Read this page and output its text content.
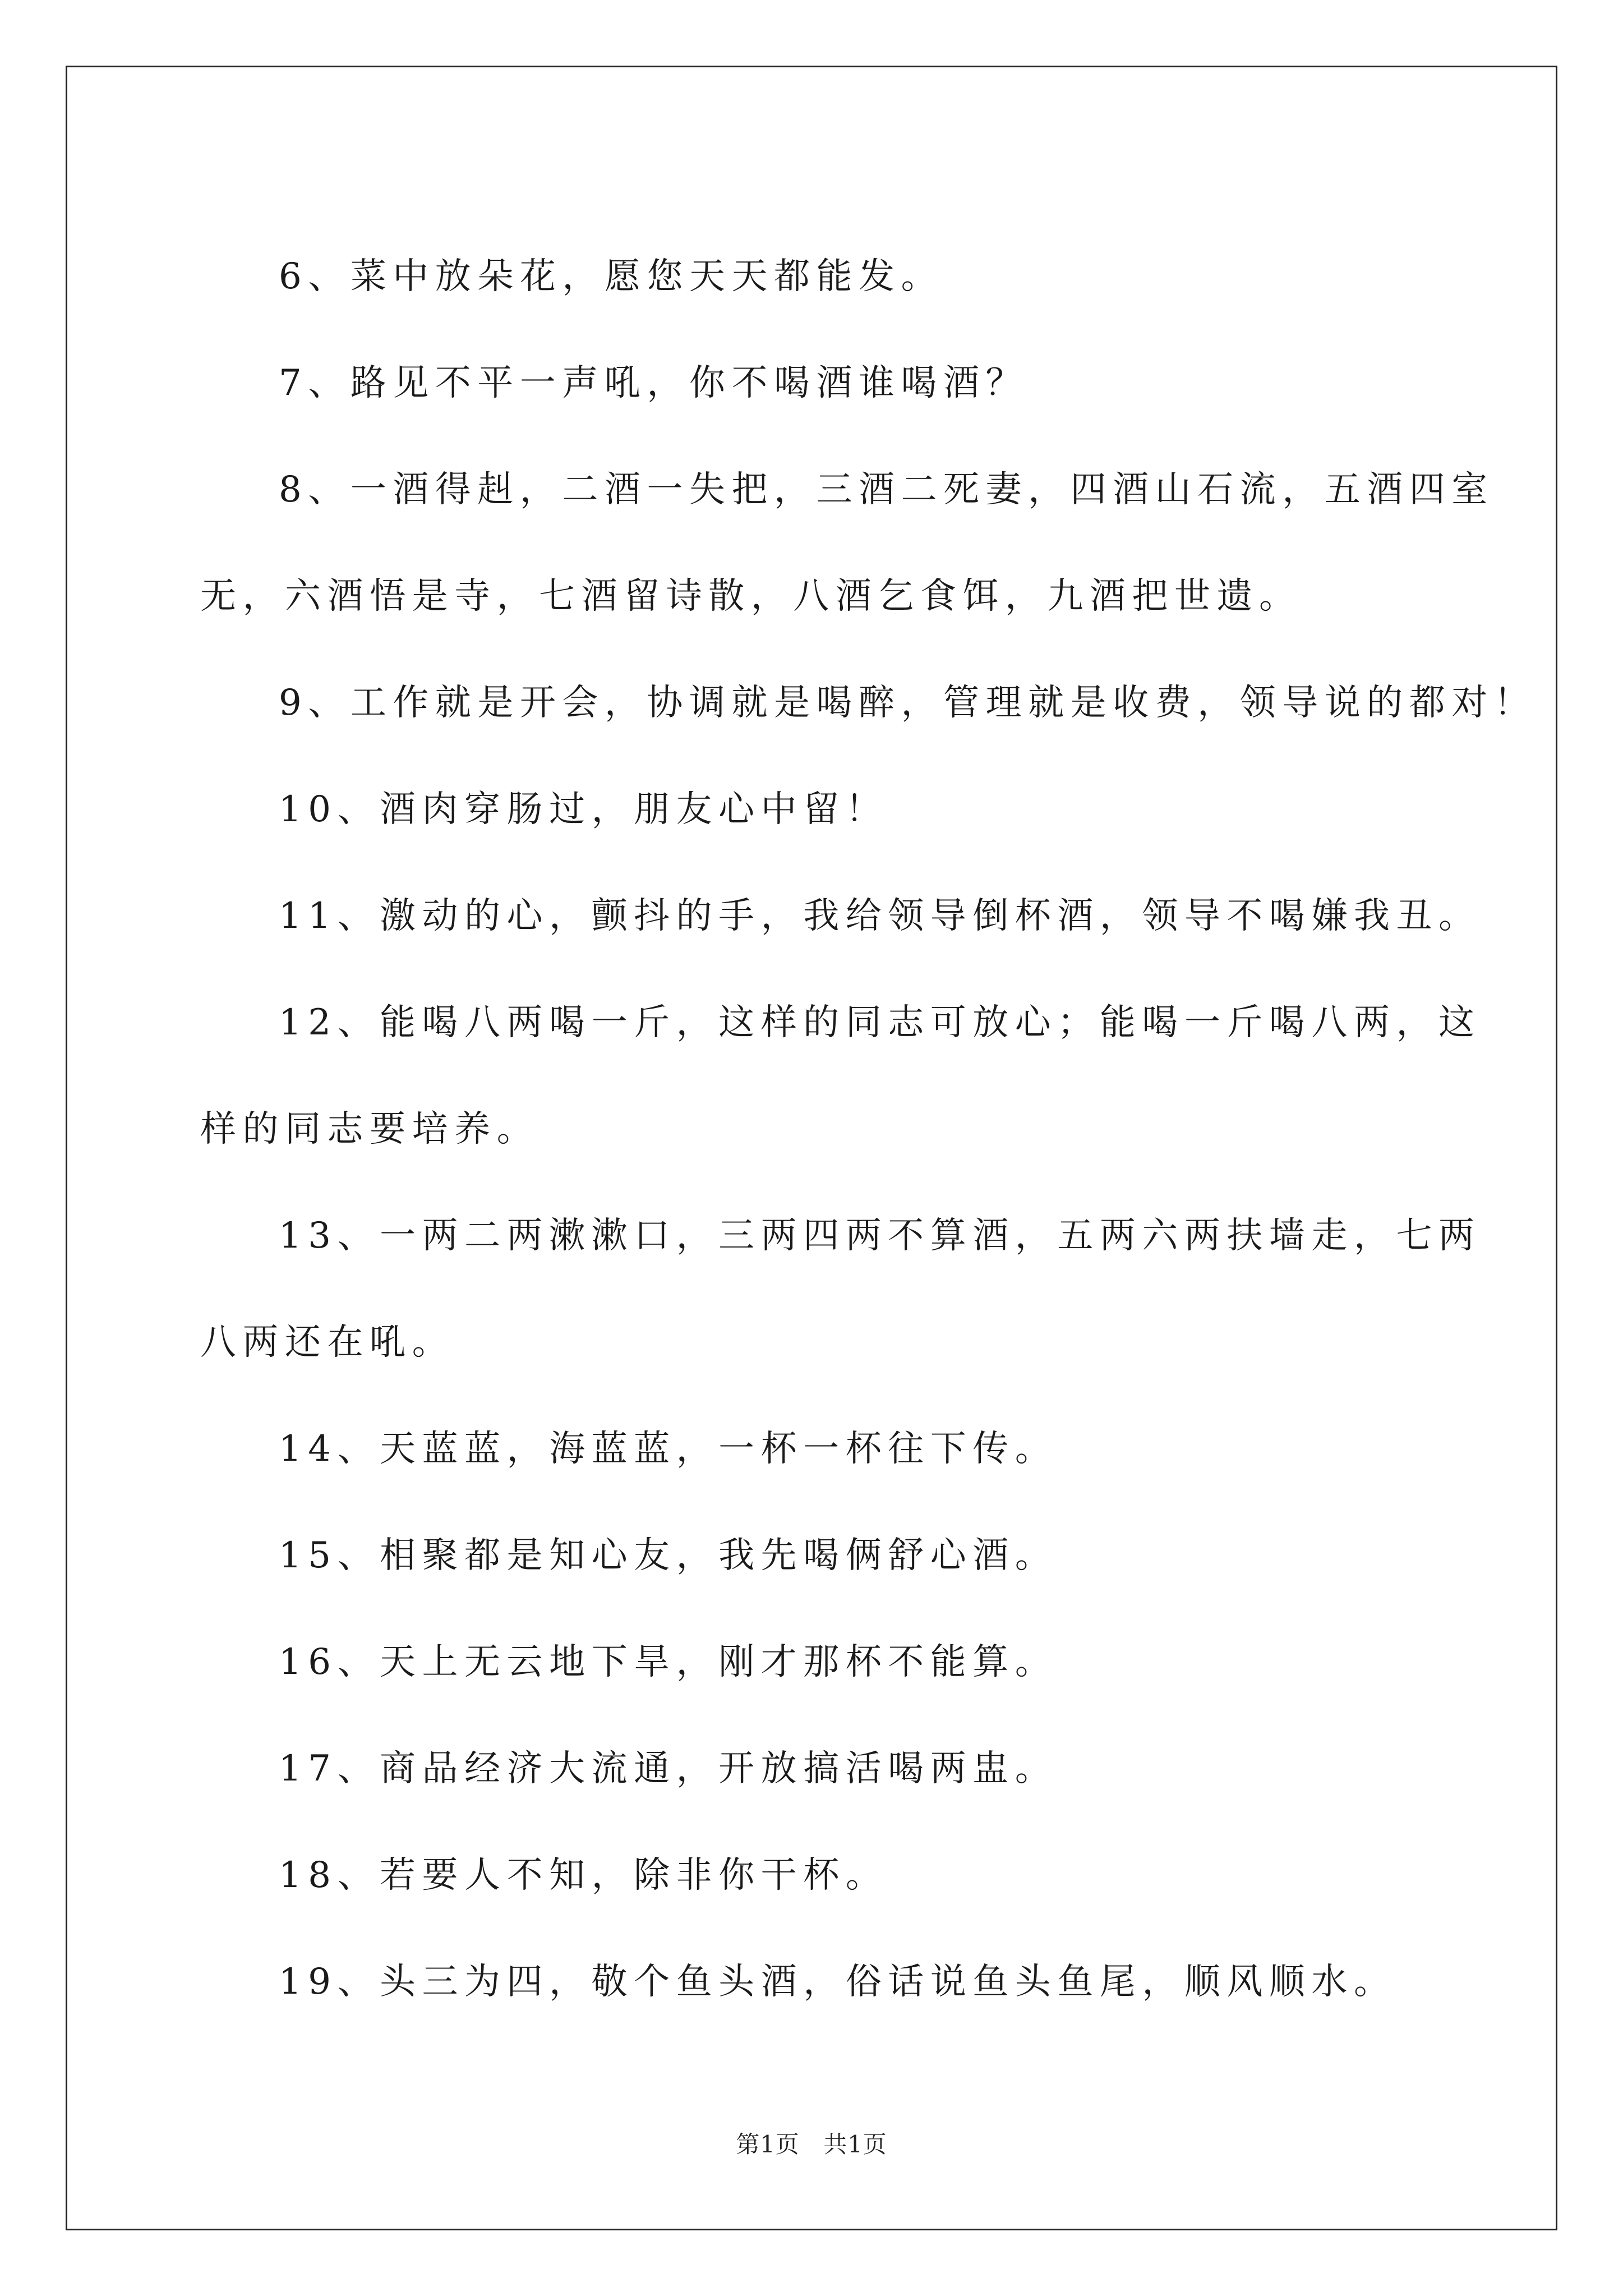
6、菜中放朵花，愿您天天都能发。

7、路见不平一声吼，你不喝酒谁喝酒？

8、一酒得赳，二酒一失把，三酒二死妻，四酒山石流，五酒四室

无，六酒悟是寺，七酒留诗散，八酒乞食饵，九酒把世遗。

9、工作就是开会，协调就是喝醉，管理就是收费，领导说的都对！

10、酒肉穿肠过，朋友心中留！

11、激动的心，颤抖的手，我给领导倒杯酒，领导不喝嫌我丑。

12、能喝八两喝一斤，这样的同志可放心；能喝一斤喝八两，这

样的同志要培养。

13、一两二两漱漱口，三两四两不算酒，五两六两扶墙走，七两

八两还在吼。

14、天蓝蓝，海蓝蓝，一杯一杯往下传。

15、相聚都是知心友，我先喝俩舒心酒。

16、天上无云地下旱，刚才那杯不能算。

17、商品经济大流通，开放搞活喝两盅。

18、若要人不知，除非你干杯。

19、头三为四，敬个鱼头酒，俗话说鱼头鱼尾，顺风顺水。

第1页　共1页
